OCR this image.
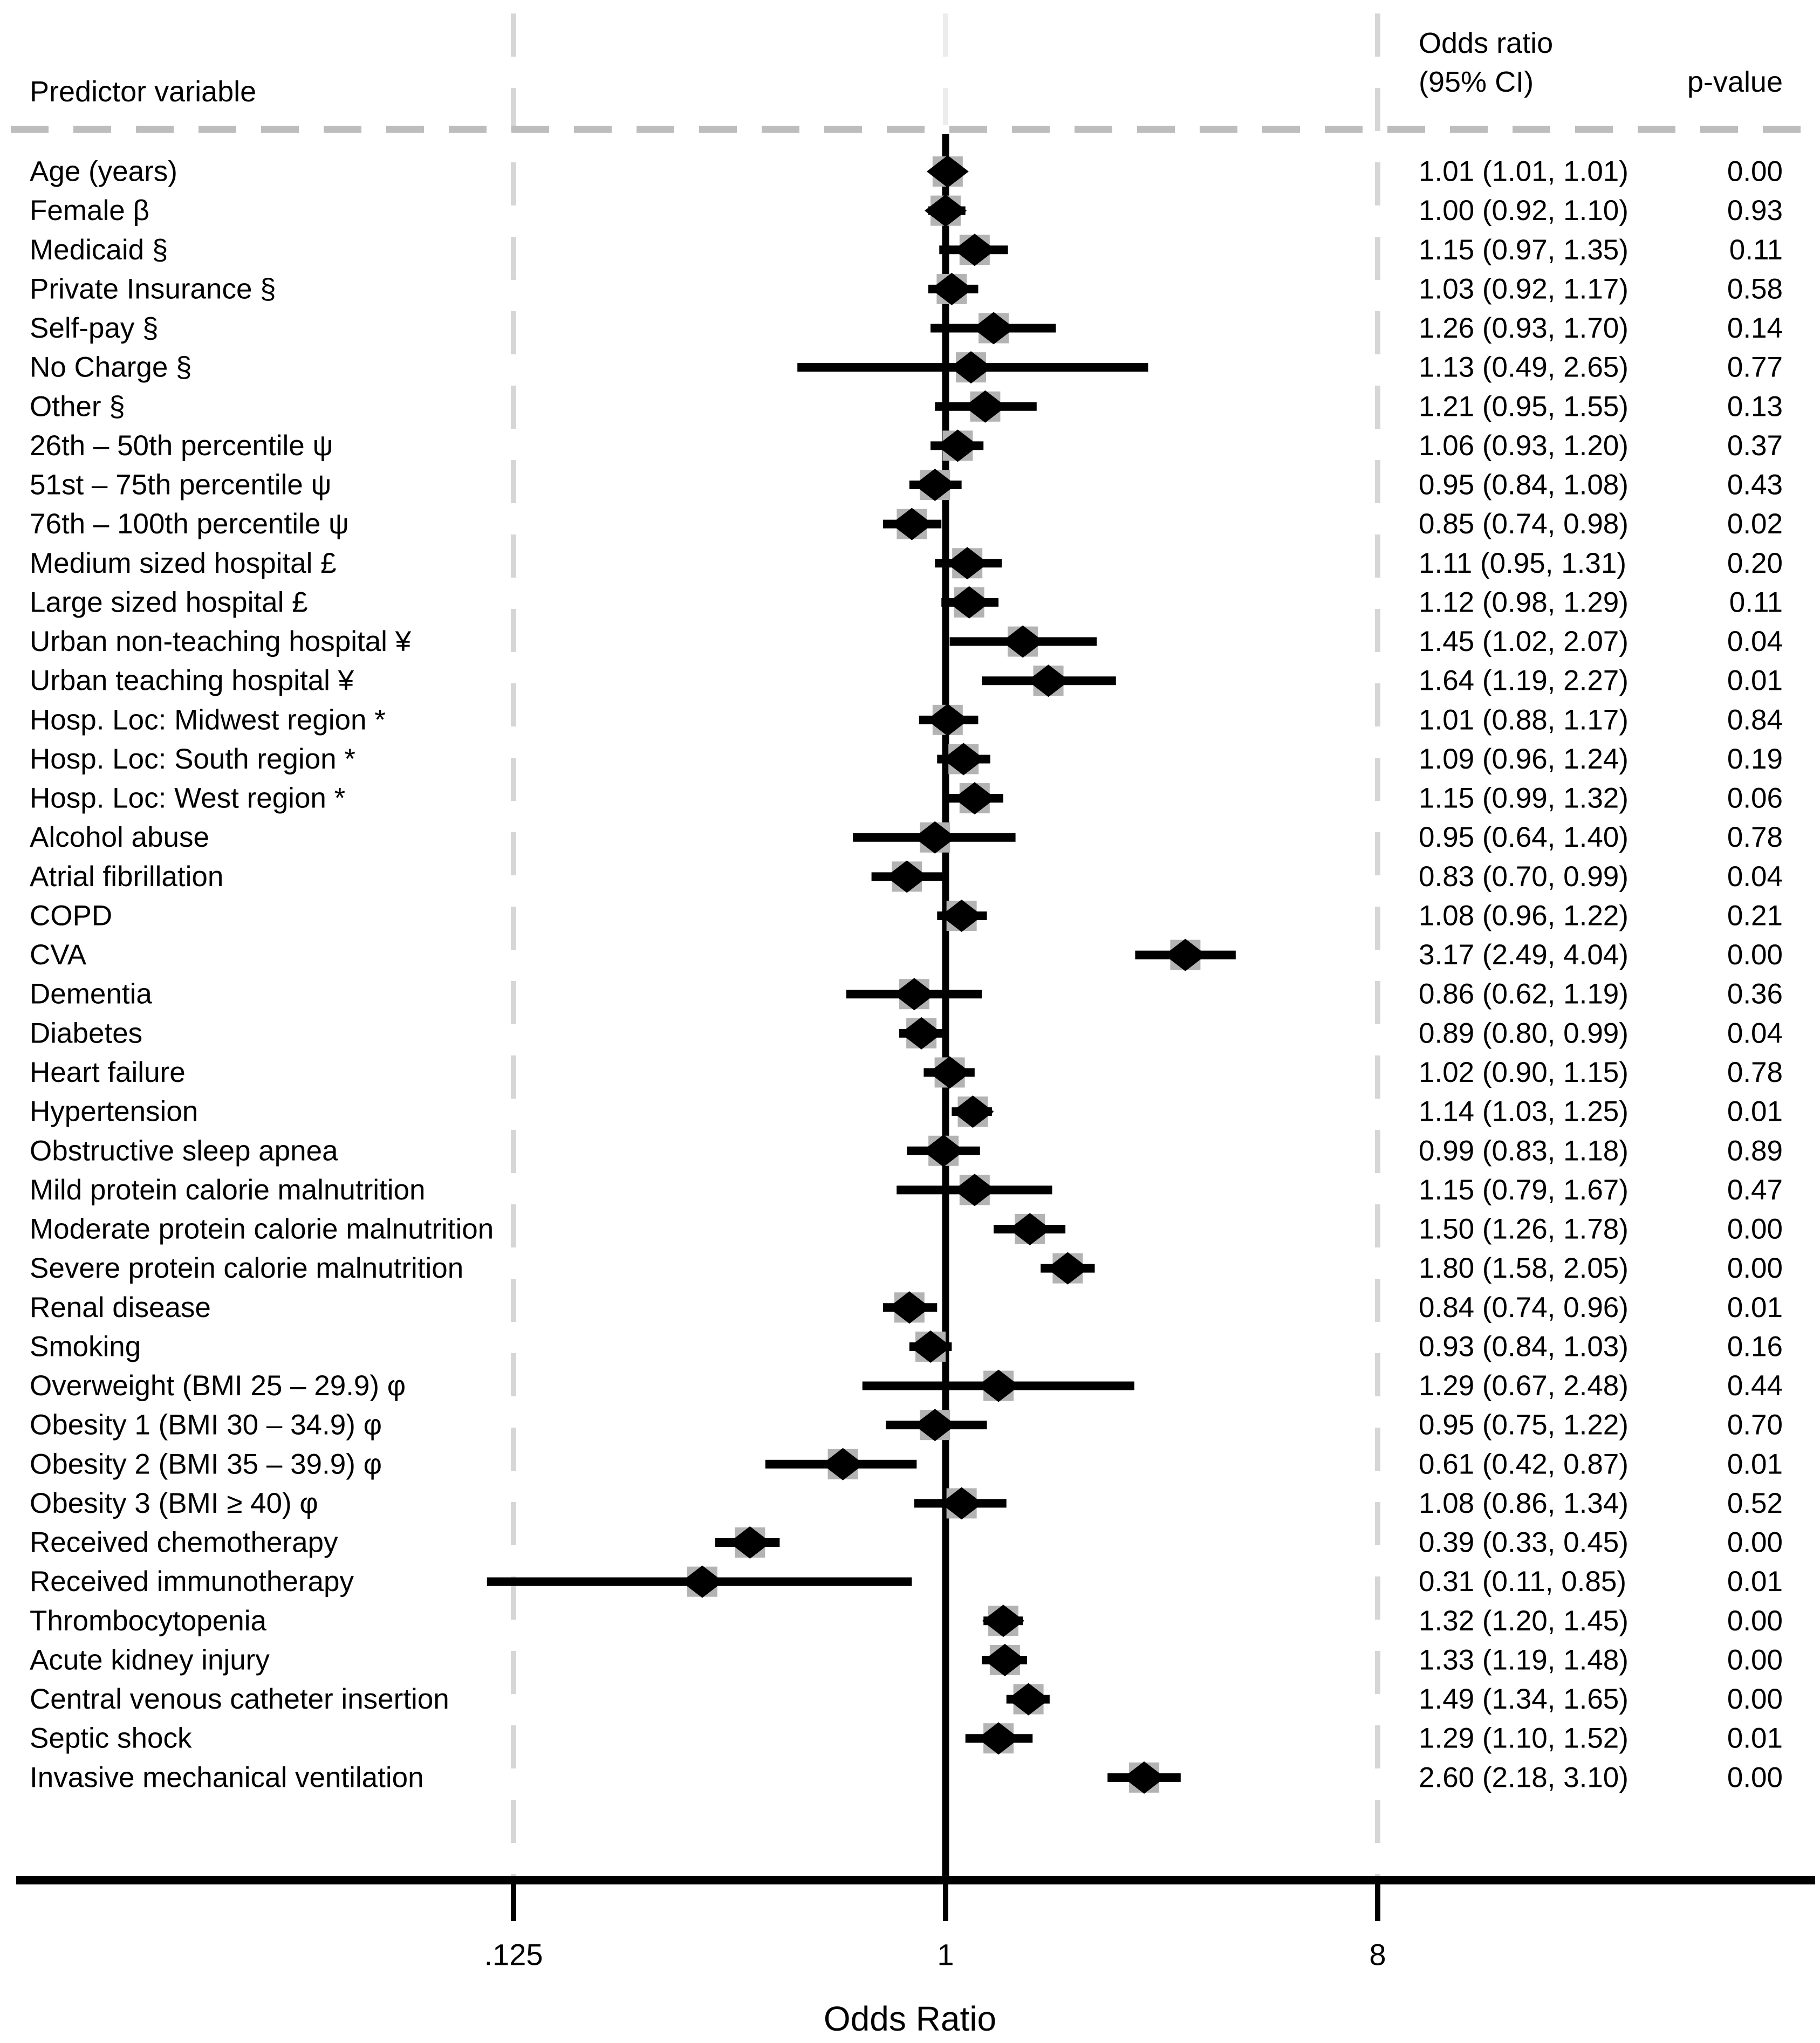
Age (years)	1.01 (1.01, 1.01)	0.00
Female β	1.00 (0.92, 1.10)	0.93
Medicaid §	1.15 (0.97, 1.35)	0.11
Private Insurance §	1.03 (0.92, 1.17)	0.58
Self-pay §	1.26 (0.93, 1.70)	0.14
No Charge §	1.13 (0.49, 2.65)	0.77
Other §	1.21 (0.95, 1.55)	0.13
26th – 50th percentile ψ	1.06 (0.93, 1.20)	0.37
51st – 75th percentile ψ	0.95 (0.84, 1.08)	0.43
76th – 100th percentile ψ	0.85 (0.74, 0.98)	0.02
Medium sized hospital £	1.11 (0.95, 1.31)	0.20
Large sized hospital £	1.12 (0.98, 1.29)	0.11
Urban non-teaching hospital ¥	1.45 (1.02, 2.07)	0.04
Urban teaching hospital ¥	1.64 (1.19, 2.27)	0.01
Hosp. Loc: Midwest region *	1.01 (0.88, 1.17)	0.84
Hosp. Loc: South region *	1.09 (0.96, 1.24)	0.19
Hosp. Loc: West region *	1.15 (0.99, 1.32)	0.06
Alcohol abuse	0.95 (0.64, 1.40)	0.78
Atrial fibrillation	0.83 (0.70, 0.99)	0.04
COPD	1.08 (0.96, 1.22)	0.21
CVA	3.17 (2.49, 4.04)	0.00
Dementia	0.86 (0.62, 1.19)	0.36
Diabetes	0.89 (0.80, 0.99)	0.04
Heart failure	1.02 (0.90, 1.15)	0.78
Hypertension	1.14 (1.03, 1.25)	0.01
Obstructive sleep apnea	0.99 (0.83, 1.18)	0.89
Mild protein calorie malnutrition	1.15 (0.79, 1.67)	0.47
Moderate protein calorie malnutrition	1.50 (1.26, 1.78)	0.00
Severe protein calorie malnutrition	1.80 (1.58, 2.05)	0.00
Renal disease	0.84 (0.74, 0.96)	0.01
Smoking	0.93 (0.84, 1.03)	0.16
Overweight (BMI 25 – 29.9) φ	1.29 (0.67, 2.48)	0.44
Obesity 1 (BMI 30 – 34.9) φ	0.95 (0.75, 1.22)	0.70
Obesity 2 (BMI 35 – 39.9) φ	0.61 (0.42, 0.87)	0.01
Obesity 3 (BMI ≥ 40) φ	1.08 (0.86, 1.34)	0.52
Received chemotherapy	0.39 (0.33, 0.45)	0.00
Received immunotherapy	0.31 (0.11, 0.85)	0.01
Thrombocytopenia	1.32 (1.20, 1.45)	0.00
Acute kidney injury	1.33 (1.19, 1.48)	0.00
Central venous catheter insertion	1.49 (1.34, 1.65)	0.00
Septic shock	1.29 (1.10, 1.52)	0.01
Invasive mechanical ventilation	2.60 (2.18, 3.10)	0.00
.125	1	8
Predictor variable
Odds ratio
(95% CI)	p-value
Odds Ratio
